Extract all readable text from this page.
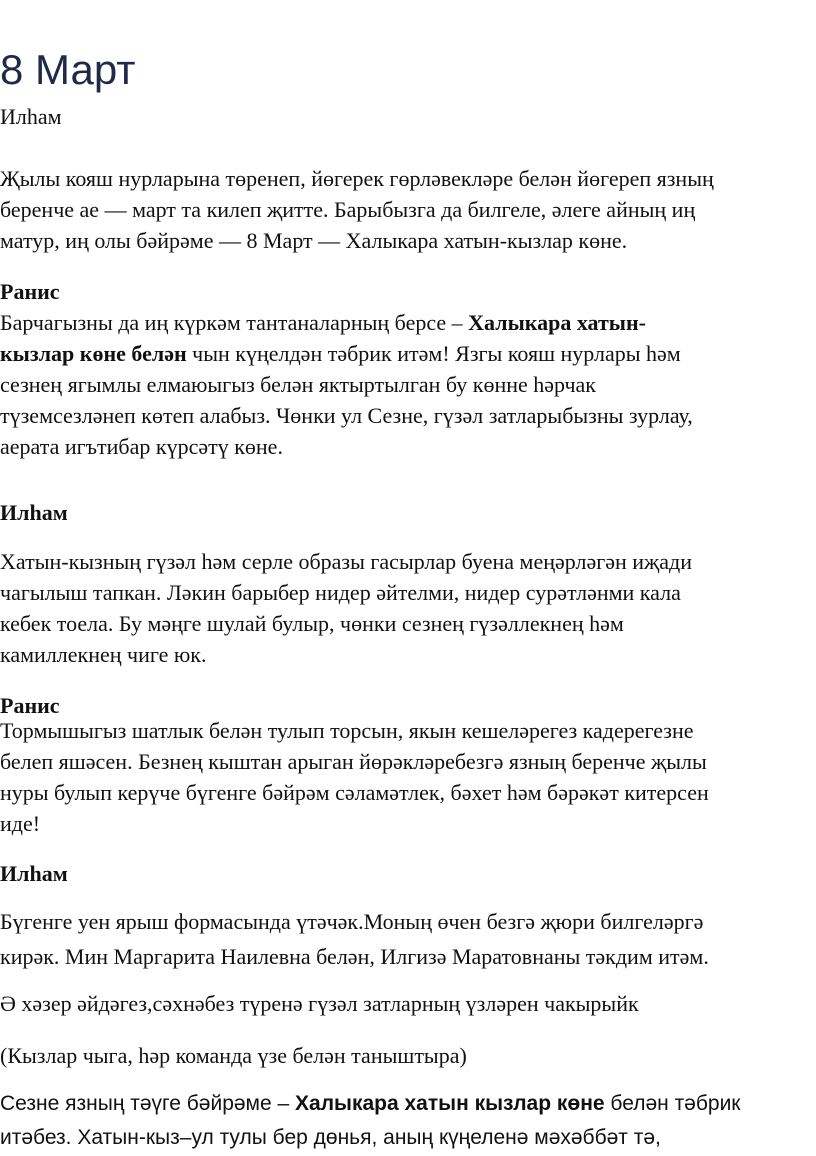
8 Март

Илһам

Җылы кояш нурларына төренеп, йөгерек гөрләвекләре белән йөгереп язның

беренче ае — март та килеп җитте. Барыбызга да билгеле, әлеге айның иң

матур, иң олы бәйрәме — 8 Март — Халыкара хатын-кызлар көне.

Ранис

Барчагызны да иң күркәм тантаналарның берсе – Халыкара хатын-

кызлар көне белән чын күңелдән тәбрик итәм! Язгы кояш нурлары һәм

сезнең ягымлы елмаюыгыз белән яктыртылган бу көнне һәрчак

түземсезләнеп көтеп алабыз. Чөнки ул Сезне, гүзәл затларыбызны зурлау,

аерата игътибар күрсәтү көне.

Илһам

Хатын-кызның гүзәл һәм серле образы гасырлар буена меңәрләгән иҗади

чагылыш тапкан. Ләкин барыбер нидер әйтелми, нидер сурәтләнми кала

кебек тоела. Бу мәңге шулай булыр, чөнки сезнең гүзәллекнең һәм

камиллекнең чиге юк.

Ранис

Тормышыгыз шатлык белән тулып торсын, якын кешеләрегез кадерегезне

белеп яшәсен. Безнең кыштан арыган йөрәкләребезгә язның беренче җылы

нуры булып керүче бүгенге бәйрәм сәламәтлек, бәхет һәм бәрәкәт китерсен

иде!

Илһам

Бүгенге уен ярыш формасында үтәчәк.Моның өчен безгә җюри билгеләргә

кирәк. Мин Маргарита Наилевна белән, Илгизә Маратовнаны тәкдим итәм.

Ә хәзер әйдәгез,сәхнәбез түренә гүзәл затларның үзләрен чакырыйк

(Кызлар чыга, һәр команда үзе белән таныштыра)

Сезне язның тәүге бәйрәме – Халыкара хатын кызлар көне белән тәбрик

итәбез. Хатын-кыз–ул тулы бер дөнья, аның күңеленә мәхәббәт тә,
